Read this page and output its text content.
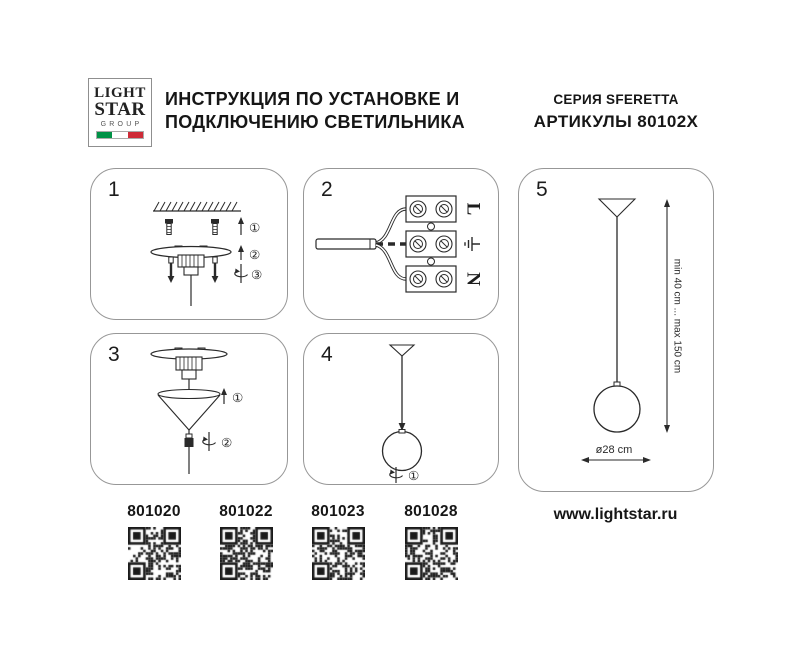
LIGHT
STAR
GROUP
ИНСТРУКЦИЯ ПО УСТАНОВКЕ И
ПОДКЛЮЧЕНИЮ СВЕТИЛЬНИКА
СЕРИЯ SFERETTA
АРТИКУЛЫ 80102X
1
①
②
③
2
L
N
3
①
②
4
①
5
min 40 cm ... max 150 cm
ø28 cm
801020	801022	801023	801028	www.lightstar.ru
